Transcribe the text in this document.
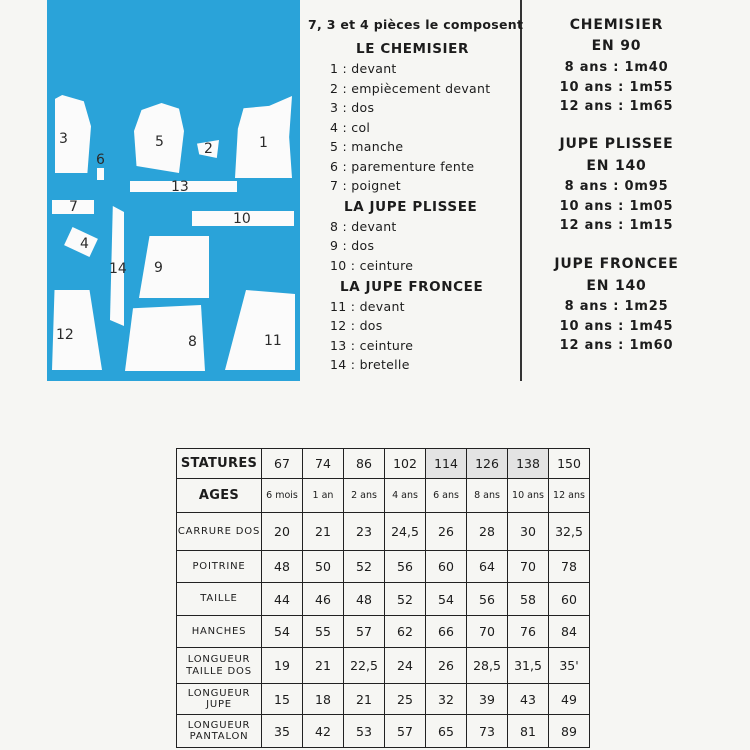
3
6
5	2	1
13
7
10
4
14 9
12	8	11
7, 3 et 4 pièces le composent
LE CHEMISIER
1 : devant
2 : empiècement devant
3 : dos
4 : col
5 : manche
6 : parementure fente
7 : poignet
LA JUPE PLISSEE
8 : devant
9 : dos
10 : ceinture
LA JUPE FRONCEE
11 : devant
12 : dos
13 : ceinture
14 : bretelle
CHEMISIER
EN 90
8 ans : 1m40
10 ans : 1m55
12 ans : 1m65
JUPE PLISSEE
EN 140
8 ans : 0m95
10 ans : 1m05
12 ans : 1m15
JUPE FRONCEE
EN 140
8 ans : 1m25
10 ans : 1m45
12 ans : 1m60
STATURES	67	74	86	102	114	126	138	150
AGES	6 mois	1 an	2 ans	4 ans	6 ans	8 ans	10 ans	12 ans
CARRURE DOS	20	21	23	24,5	26	28	30	32,5
POITRINE	48	50	52	56	60	64	70	78
TAILLE	44	46	48	52	54	56	58	60
HANCHES	54	55	57	62	66	70	76	84
LONGUEUR TAILLE DOS	19	21	22,5	24	26	28,5	31,5	35'
LONGUEUR JUPE	15	18	21	25	32	39	43	49
LONGUEUR PANTALON	35	42	53	57	65	73	81	89
